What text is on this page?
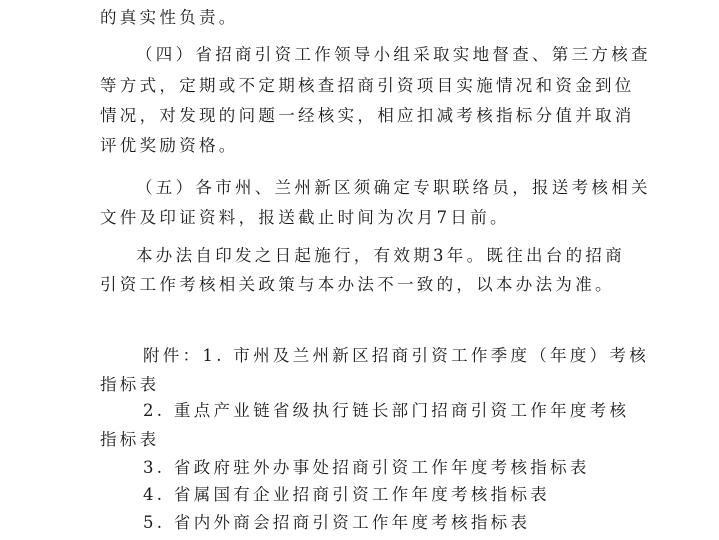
的真实性负责。
（四）省招商引资工作领导小组采取实地督查、第三方核查
等方式，定期或不定期核查招商引资项目实施情况和资金到位
情况，对发现的问题一经核实，相应扣减考核指标分值并取消
评优奖励资格。
（五）各市州、兰州新区须确定专职联络员，报送考核相关
文件及印证资料，报送截止时间为次月7日前。
本办法自印发之日起施行，有效期3年。既往出台的招商
引资工作考核相关政策与本办法不一致的，以本办法为准。
附件：1. 市州及兰州新区招商引资工作季度（年度）考核
指标表
2. 重点产业链省级执行链长部门招商引资工作年度考核
指标表
3. 省政府驻外办事处招商引资工作年度考核指标表
4. 省属国有企业招商引资工作年度考核指标表
5. 省内外商会招商引资工作年度考核指标表
